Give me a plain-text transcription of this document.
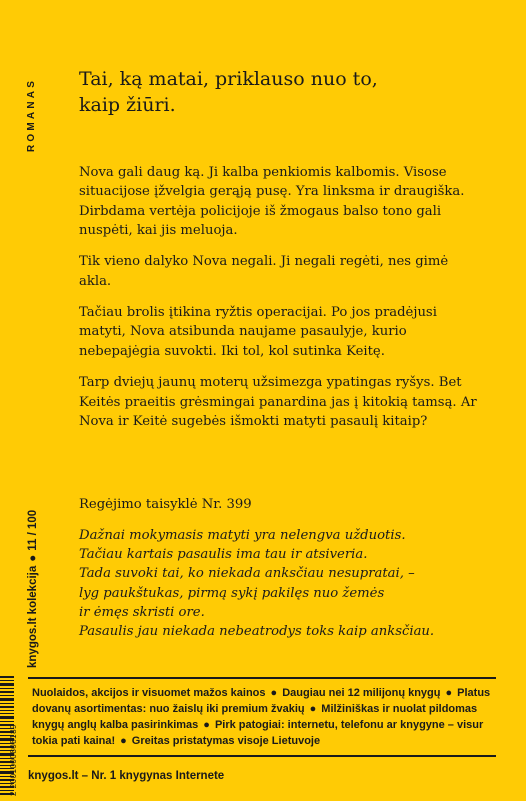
ROMANAS
knygos.lt kolekcija●11 / 100
Tai, ką matai, priklauso nuo to,
kaip žiūri.

Nova gali daug ką. Ji kalba penkiomis kalbomis. Visose situacijose įžvelgia gerąją pusę. Yra linksma ir draugiška. Dirbdama vertėja policijoje iš žmogaus balso tono gali nuspėti, kai jis meluoja.

Tik vieno dalyko Nova negali. Ji negali regėti, nes gimė akla.

Tačiau brolis įtikina ryžtis operacijai. Po jos pradėjusi matyti, Nova atsibunda naujame pasaulyje, kurio nebepajėgia suvokti. Iki tol, kol sutinka Keitę.

Tarp dviejų jaunų moterų užsimezga ypatingas ryšys. Bet Keitės praeitis grėsmingai panardina jas į kitokią tamsą. Ar Nova ir Keitė sugebės išmokti matyti pasaulį kitaip?

Regėjimo taisyklė Nr. 399
Dažnai mokymasis matyti yra nelengva užduotis.
Tačiau kartais pasaulis ima tau ir atsiveria.
Tada suvoki tai, ko niekada anksčiau nesupratai, –
lyg paukštukas, pirmą sykį pakilęs nuo žemės
ir ėmęs skristi ore.
Pasaulis jau niekada nebeatrodys toks kaip anksčiau.
2 2001000808189
Nuolaidos, akcijos ir visuomet mažos kainos ● Daugiau nei 12 milijonų knygų ● Platus dovanų asortimentas: nuo žaislų iki premium žvakių ● Milžiniškas ir nuolat pildomas knygų anglų kalba pasirinkimas ● Pirk patogiai: internetu, telefonu ar knygyne – visur tokia pati kaina! ● Greitas pristatymas visoje Lietuvoje
knygos.lt – Nr. 1 knygynas Internete
